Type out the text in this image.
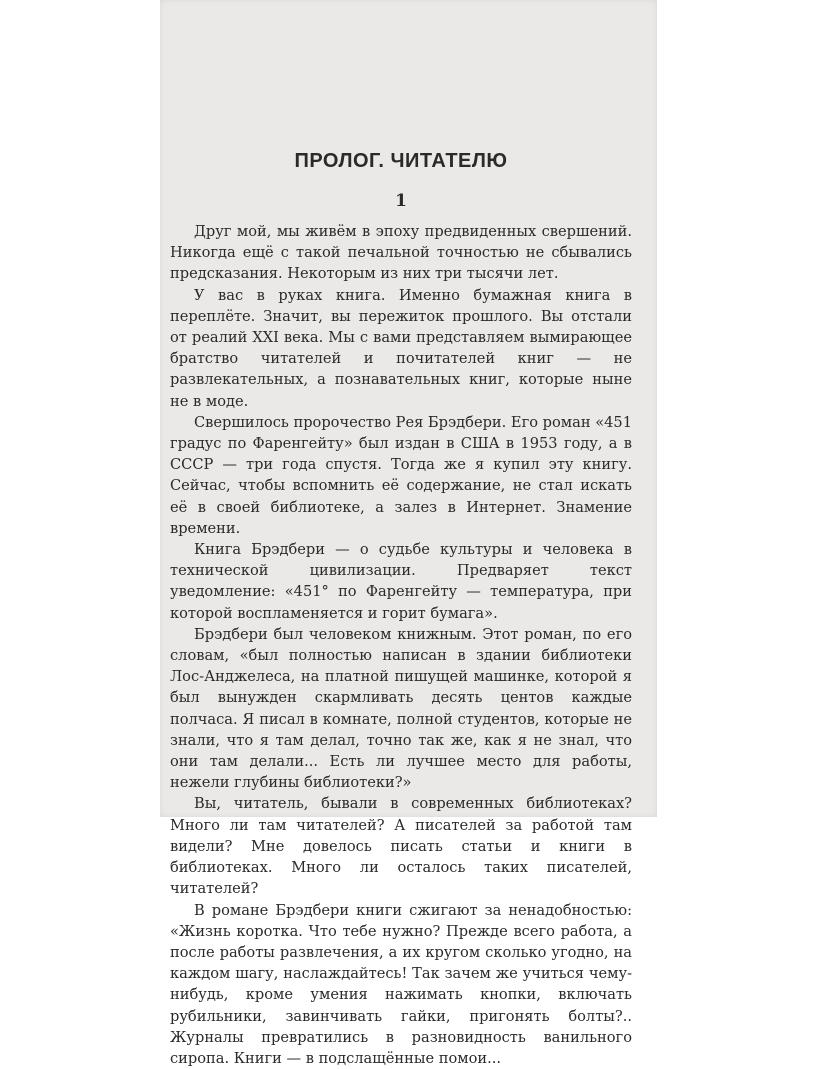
ПРОЛОГ. ЧИТАТЕЛЮ
1

Друг мой, мы живём в эпоху предвиденных свершений. Никогда ещё с такой печальной точностью не сбывались предсказания. Некоторым из них три тысячи лет.

У вас в руках книга. Именно бумажная книга в переплёте. Значит, вы пережиток прошлого. Вы отстали от реалий XXI века. Мы с вами представляем вымирающее братство читателей и почитателей книг — не развлекательных, а познавательных книг, которые ныне не в моде.

Свершилось пророчество Рея Брэдбери. Его роман «451 градус по Фаренгейту» был издан в США в 1953 году, а в СССР — три года спустя. Тогда же я купил эту книгу. Сейчас, чтобы вспомнить её содержание, не стал искать её в своей библиотеке, а залез в Интернет. Знамение времени.

Книга Брэдбери — о судьбе культуры и человека в технической цивилизации. Предваряет текст уведомление: «451° по Фаренгейту — температура, при которой воспламеняется и горит бумага».

Брэдбери был человеком книжным. Этот роман, по его словам, «был полностью написан в здании библиотеки Лос-Анджелеса, на платной пишущей машинке, которой я был вынужден скармливать десять центов каждые полчаса. Я писал в комнате, полной студентов, которые не знали, что я там делал, точно так же, как я не знал, что они там делали... Есть ли лучшее место для работы, нежели глубины библиотеки?»

Вы, читатель, бывали в современных библиотеках? Много ли там читателей? А писателей за работой там видели? Мне довелось писать статьи и книги в библиотеках. Много ли осталось таких писателей, читателей?

В романе Брэдбери книги сжигают за ненадобностью: «Жизнь коротка. Что тебе нужно? Прежде всего работа, а после работы развлечения, а их кругом сколько угодно, на каждом шагу, наслаждайтесь! Так зачем же учиться чему-нибудь, кроме умения нажимать кнопки, включать рубильники, завинчивать гайки, пригонять болты?.. Журналы превратились в разновидность ванильного сиропа. Книги — в подслащённые помои...
